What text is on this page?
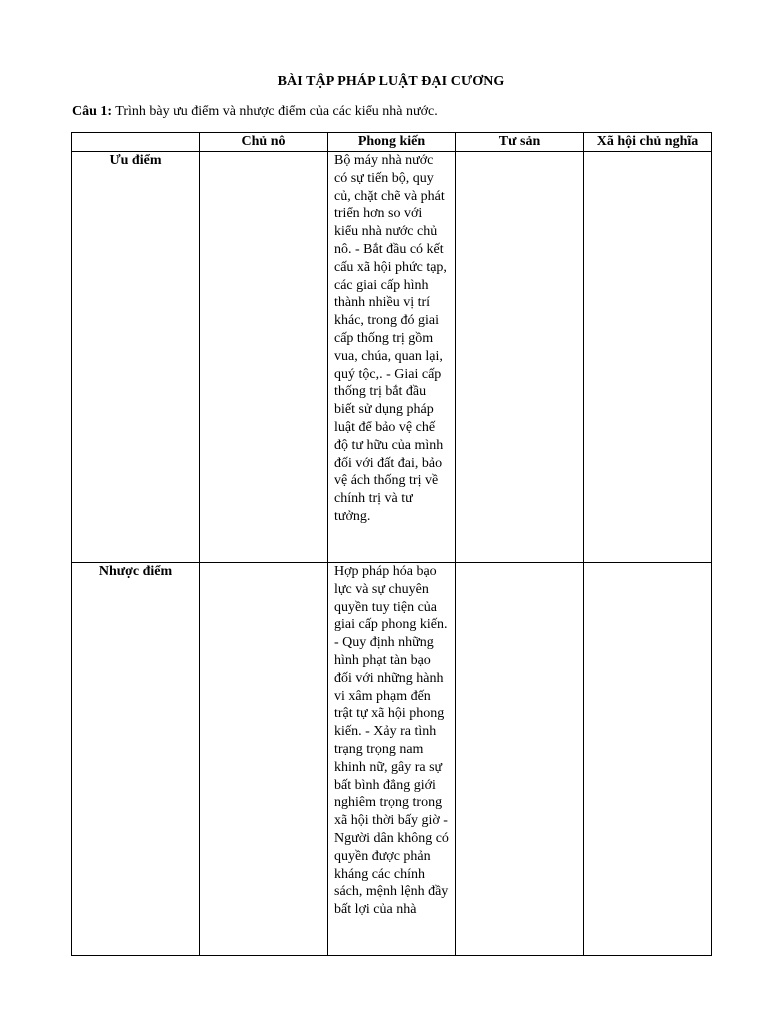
BÀI TẬP PHÁP LUẬT ĐẠI CƯƠNG
Câu 1: Trình bày ưu điểm và nhược điểm của các kiểu nhà nước.
	Chủ nô	Phong kiến	Tư sản	Xã hội chủ nghĩa
Ưu điểm		Bộ máy nhà nước có sự tiến bộ, quy củ, chặt chẽ và phát triển hơn so với kiểu nhà nước chủ nô. - Bắt đầu có kết cấu xã hội phức tạp, các giai cấp hình thành nhiều vị trí khác, trong đó giai cấp thống trị gồm vua, chúa, quan lại, quý tộc,. - Giai cấp thống trị bắt đầu biết sử dụng pháp luật để bảo vệ chế độ tư hữu của mình đối với đất đai, bảo vệ ách thống trị về chính trị và tư tưởng.		

Nhược điểm		Hợp pháp hóa bạo lực và sự chuyên quyền tuy tiện của giai cấp phong kiến. - Quy định những hình phạt tàn bạo đối với những hành vi xâm phạm đến trật tự xã hội phong kiến. - Xảy ra tình trạng trọng nam khinh nữ, gây ra sự bất bình đẳng giới nghiêm trọng trong xã hội thời bấy giờ - Người dân không có quyền được phản kháng các chính sách, mệnh lệnh đầy bất lợi của nhà		
